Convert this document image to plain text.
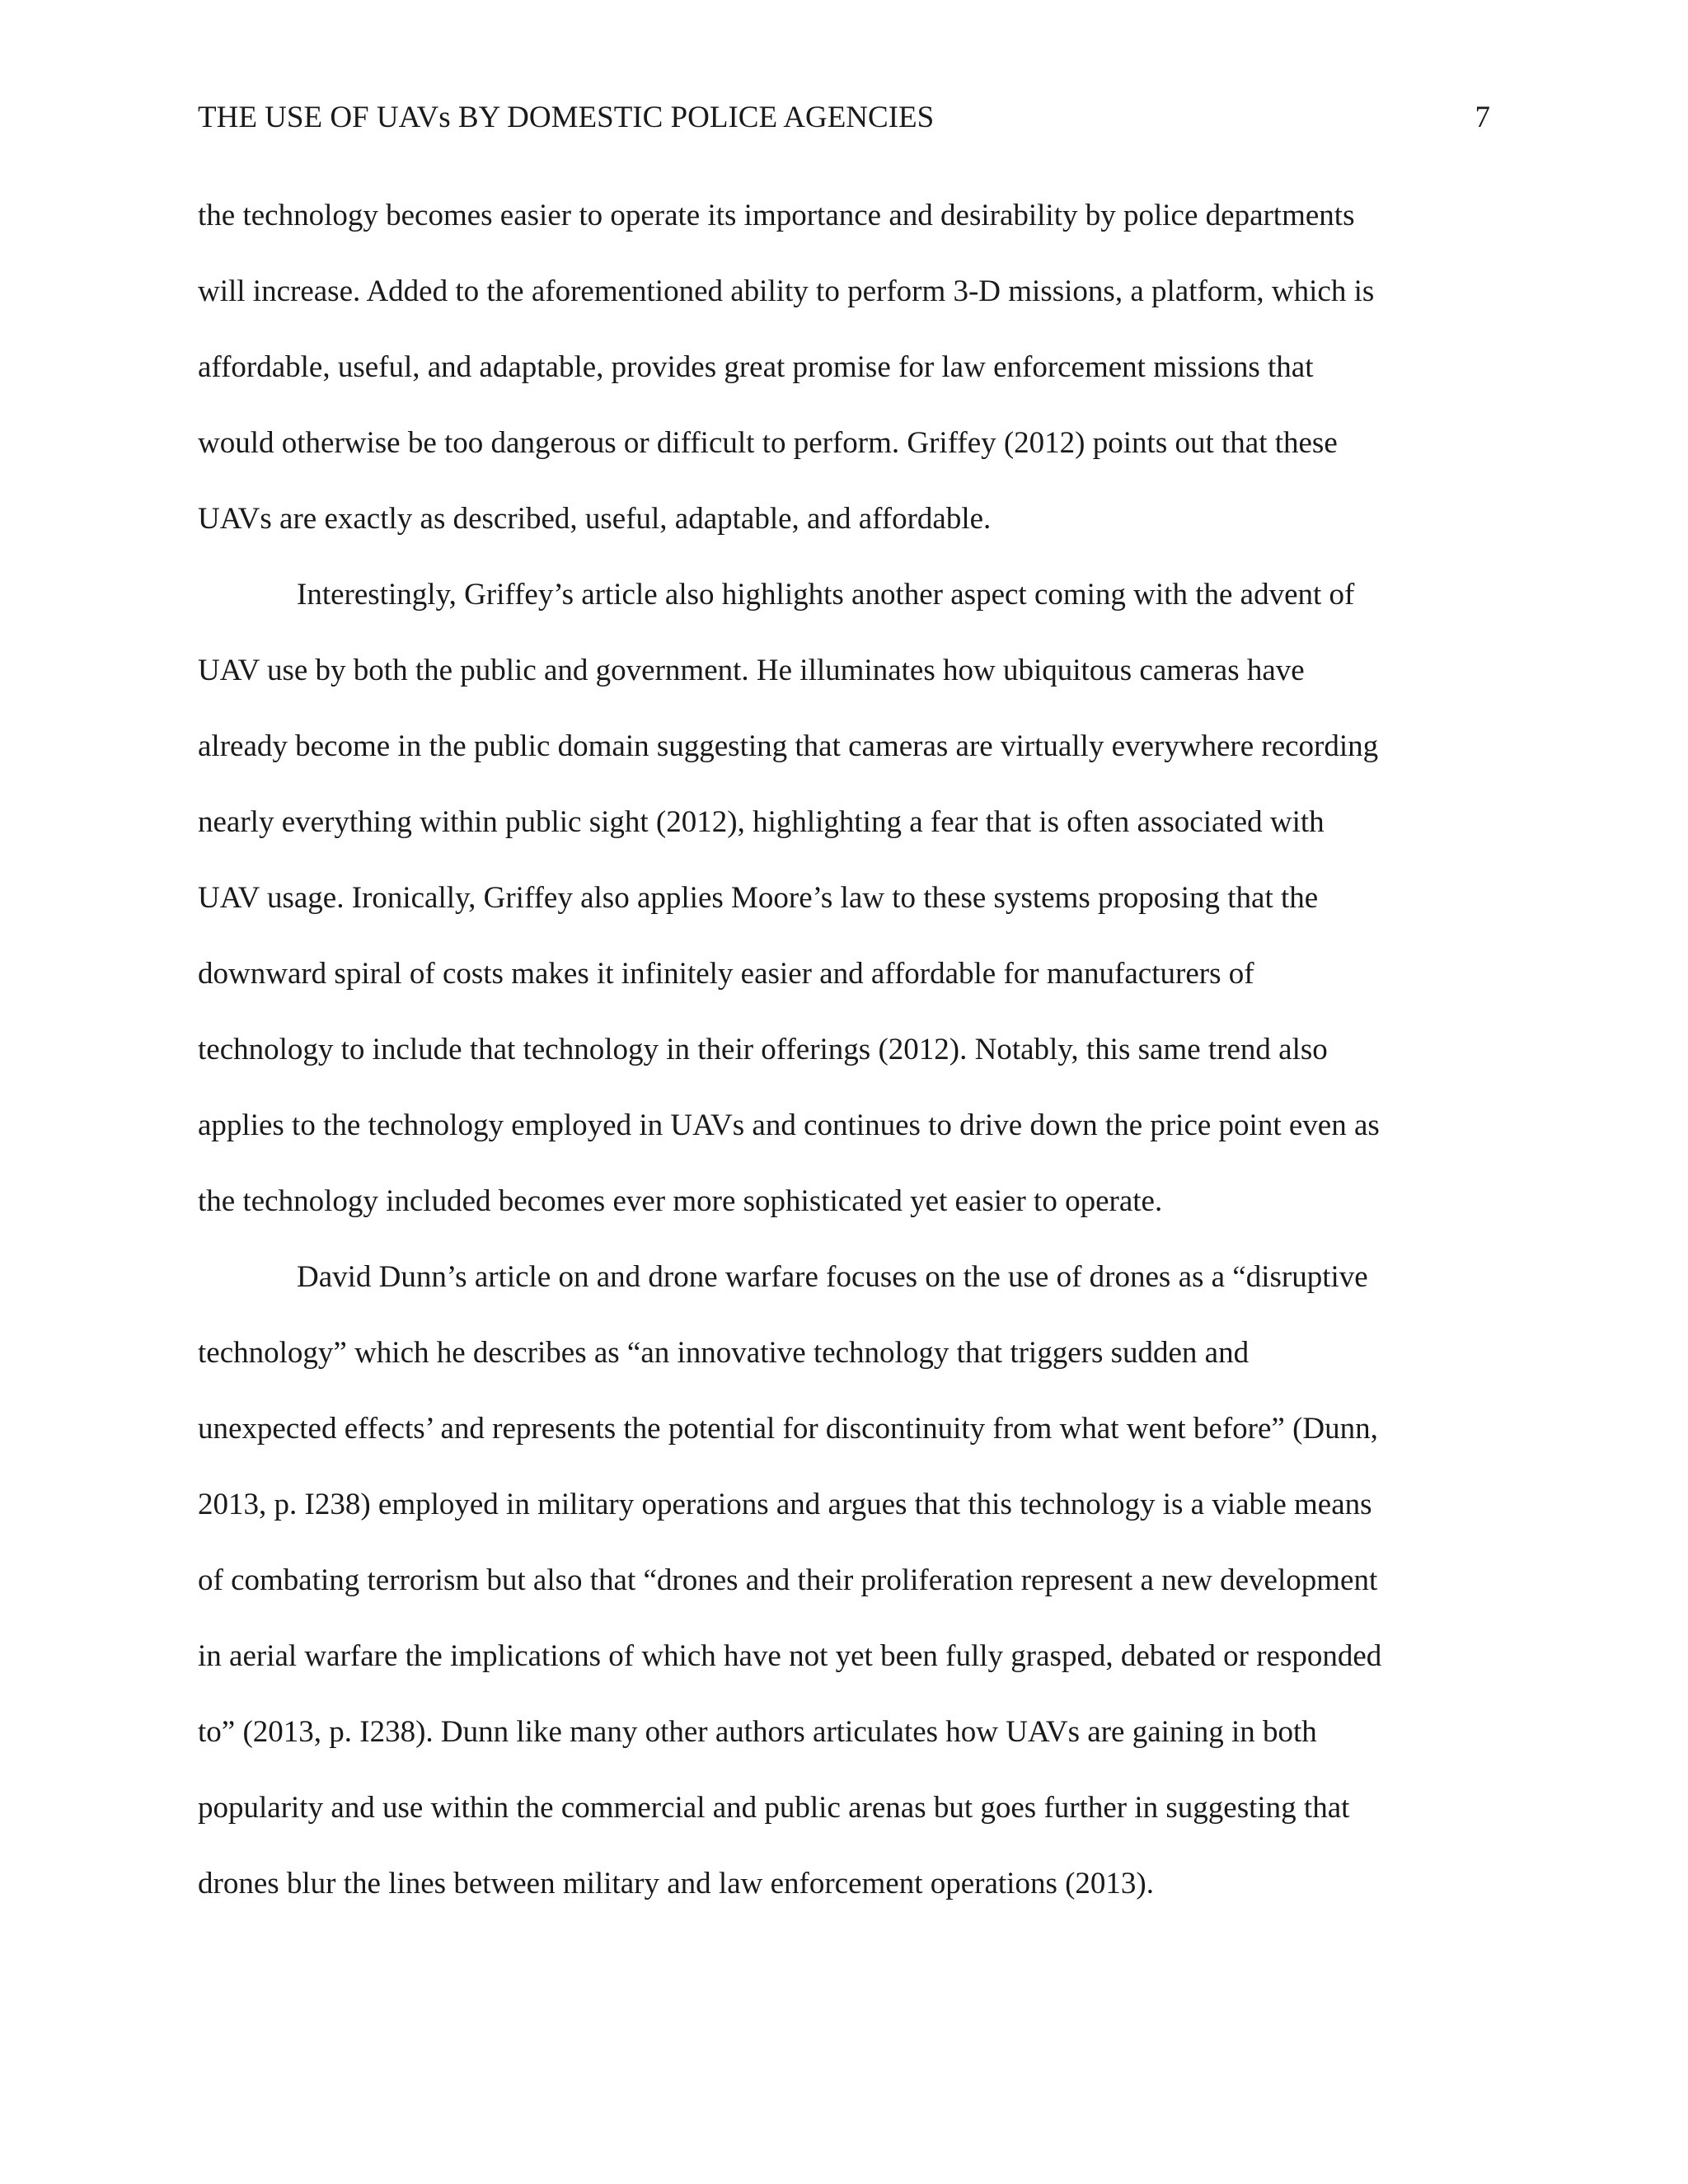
THE USE OF UAVs BY DOMESTIC POLICE AGENCIES	7
the technology becomes easier to operate its importance and desirability by police departments
will increase. Added to the aforementioned ability to perform 3-D missions, a platform, which is
affordable, useful, and adaptable, provides great promise for law enforcement missions that
would otherwise be too dangerous or difficult to perform. Griffey (2012) points out that these
UAVs are exactly as described, useful, adaptable, and affordable.
Interestingly, Griffey’s article also highlights another aspect coming with the advent of
UAV use by both the public and government. He illuminates how ubiquitous cameras have
already become in the public domain suggesting that cameras are virtually everywhere recording
nearly everything within public sight (2012), highlighting a fear that is often associated with
UAV usage. Ironically, Griffey also applies Moore’s law to these systems proposing that the
downward spiral of costs makes it infinitely easier and affordable for manufacturers of
technology to include that technology in their offerings (2012). Notably, this same trend also
applies to the technology employed in UAVs and continues to drive down the price point even as
the technology included becomes ever more sophisticated yet easier to operate.
David Dunn’s article on and drone warfare focuses on the use of drones as a “disruptive
technology” which he describes as “an innovative technology that triggers sudden and
unexpected effects’ and represents the potential for discontinuity from what went before” (Dunn,
2013, p. I238) employed in military operations and argues that this technology is a viable means
of combating terrorism but also that “drones and their proliferation represent a new development
in aerial warfare the implications of which have not yet been fully grasped, debated or responded
to” (2013, p. I238). Dunn like many other authors articulates how UAVs are gaining in both
popularity and use within the commercial and public arenas but goes further in suggesting that
drones blur the lines between military and law enforcement operations (2013).
